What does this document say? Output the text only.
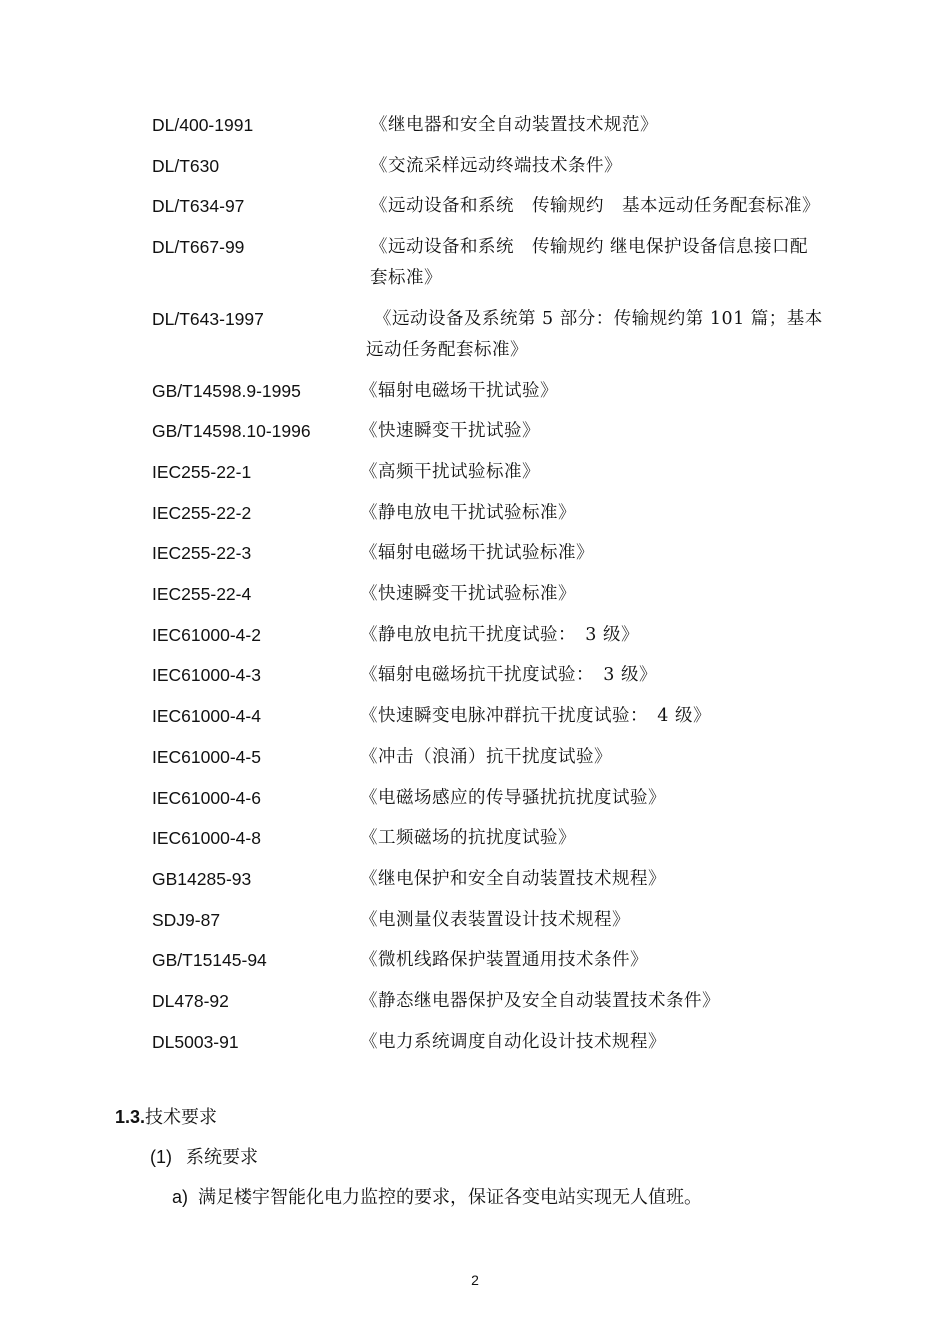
DL/400-1991	《继电器和安全自动装置技术规范》
DL/T630	《交流采样远动终端技术条件》
DL/T634-97	《远动设备和系统　传输规约　基本远动任务配套标准》
DL/T667-99	《远动设备和系统　传输规约 继电保护设备信息接口配
套标准》
DL/T643-1997	《远动设备及系统第 5 部分：传输规约第 101 篇；基本
远动任务配套标准》
GB/T14598.9-1995	《辐射电磁场干扰试验》
GB/T14598.10-1996	《快速瞬变干扰试验》
IEC255-22-1	《高频干扰试验标准》
IEC255-22-2	《静电放电干扰试验标准》
IEC255-22-3	《辐射电磁场干扰试验标准》
IEC255-22-4	《快速瞬变干扰试验标准》
IEC61000-4-2	《静电放电抗干扰度试验：　3 级》
IEC61000-4-3	《辐射电磁场抗干扰度试验：　3 级》
IEC61000-4-4	《快速瞬变电脉冲群抗干扰度试验：　4 级》
IEC61000-4-5	《冲击（浪涌）抗干扰度试验》
IEC61000-4-6	《电磁场感应的传导骚扰抗扰度试验》
IEC61000-4-8	《工频磁场的抗扰度试验》
GB14285-93	《继电保护和安全自动装置技术规程》
SDJ9-87	《电测量仪表装置设计技术规程》
GB/T15145-94	《微机线路保护装置通用技术条件》
DL478-92	《静态继电器保护及安全自动装置技术条件》
DL5003-91	《电力系统调度自动化设计技术规程》
1.3.技术要求
(1) 系统要求
a) 满足楼宇智能化电力监控的要求，保证各变电站实现无人值班。
2
